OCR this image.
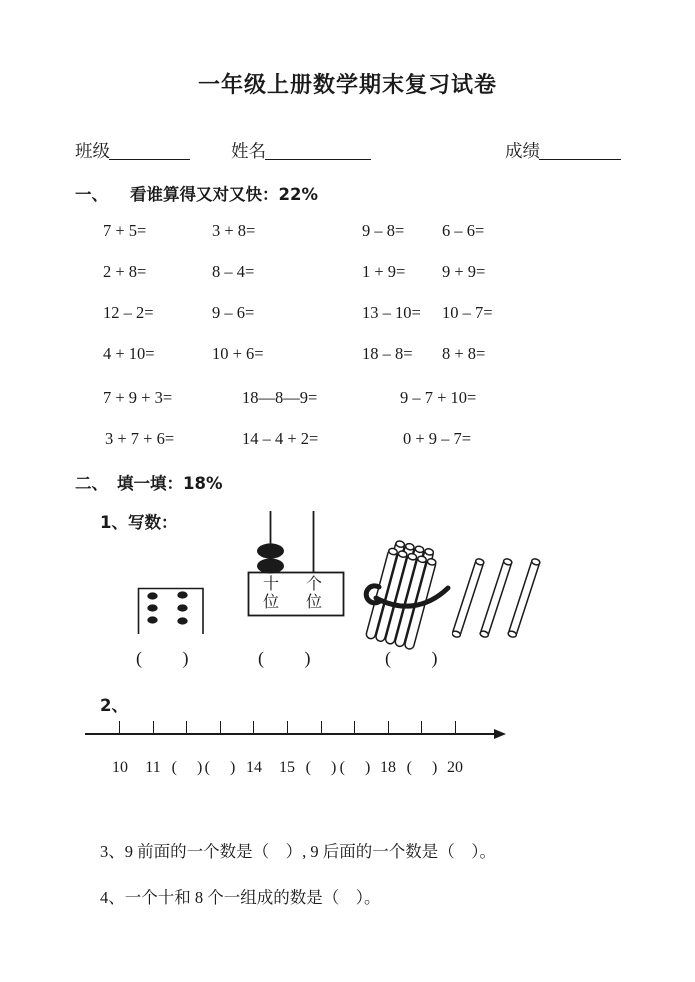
一年级上册数学期末复习试卷
班级	姓名	成绩
一、 看谁算得又对又快：22%
7 + 5=	3 + 8=	9 – 8= 6 – 6=
2 + 8=	8 – 4=	1 + 9= 9 + 9=
12 – 2=	9 – 6=	13 – 10= 10 – 7=
4 + 10=	10 + 6=	18 – 8= 8 + 8=
7 + 9 + 3=	18—8—9=	9 – 7 + 10=
3 + 7 + 6=	14 – 4 + 2=	0 + 9 – 7=
二、 填一填：18%
1、写数：
十位
个位
(         )	(         )	(         )
2、
10 11 (     ) (     ) 14 15 (     ) (     ) 18 (     ) 20
3、9 前面的一个数是（    ）, 9 后面的一个数是（    ）。
4、一个十和 8 个一组成的数是（    ）。
